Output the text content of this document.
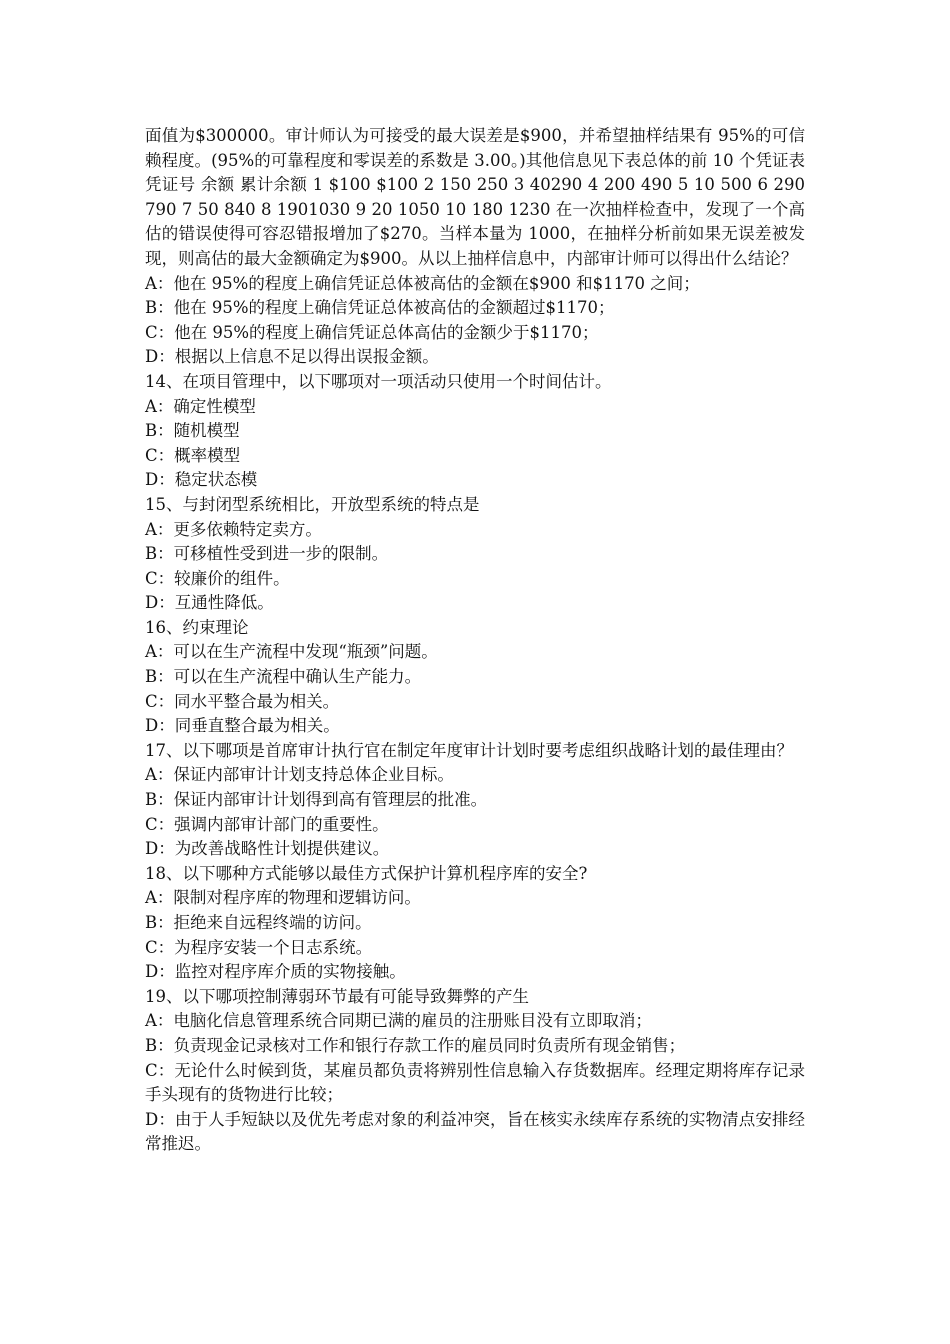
面值为$300000。审计师认为可接受的最大误差是$900，并希望抽样结果有 95%的可信赖程度。(95%的可靠程度和零误差的系数是 3.00。)其他信息见下表总体的前 10 个凭证表 凭证号 余额 累计余额 1 $100 $100 2 150 250 3 40290 4 200 490 5 10 500 6 290 790 7 50 840 8 1901030 9 20 1050 10 180 1230 在一次抽样检查中，发现了一个高估的错误使得可容忍错报增加了$270。当样本量为 1000，在抽样分析前如果无误差被发现，则高估的最大金额确定为$900。从以上抽样信息中，内部审计师可以得出什么结论？

A：他在 95%的程度上确信凭证总体被高估的金额在$900 和$1170 之间；

B：他在 95%的程度上确信凭证总体被高估的金额超过$1170；

C：他在 95%的程度上确信凭证总体高估的金额少于$1170；

D：根据以上信息不足以得出误报金额。

14、在项目管理中，以下哪项对一项活动只使用一个时间估计。

A：确定性模型

B：随机模型

C：概率模型

D：稳定状态模

15、与封闭型系统相比，开放型系统的特点是

A：更多依赖特定卖方。

B：可移植性受到进一步的限制。

C：较廉价的组件。

D：互通性降低。

16、约束理论

A：可以在生产流程中发现“瓶颈”问题。

B：可以在生产流程中确认生产能力。

C：同水平整合最为相关。

D：同垂直整合最为相关。

17、以下哪项是首席审计执行官在制定年度审计计划时要考虑组织战略计划的最佳理由？

A：保证内部审计计划支持总体企业目标。

B：保证内部审计计划得到高有管理层的批准。

C：强调内部审计部门的重要性。

D：为改善战略性计划提供建议。

18、以下哪种方式能够以最佳方式保护计算机程序库的安全?

A：限制对程序库的物理和逻辑访问。

B：拒绝来自远程终端的访问。

C：为程序安装一个日志系统。

D：监控对程序库介质的实物接触。

19、以下哪项控制薄弱环节最有可能导致舞弊的产生

A：电脑化信息管理系统合同期已满的雇员的注册账目没有立即取消；

B：负责现金记录核对工作和银行存款工作的雇员同时负责所有现金销售；

C：无论什么时候到货，某雇员都负责将辨别性信息输入存货数据库。经理定期将库存记录手头现有的货物进行比较；

D：由于人手短缺以及优先考虑对象的利益冲突，旨在核实永续库存系统的实物清点安排经常推迟。
